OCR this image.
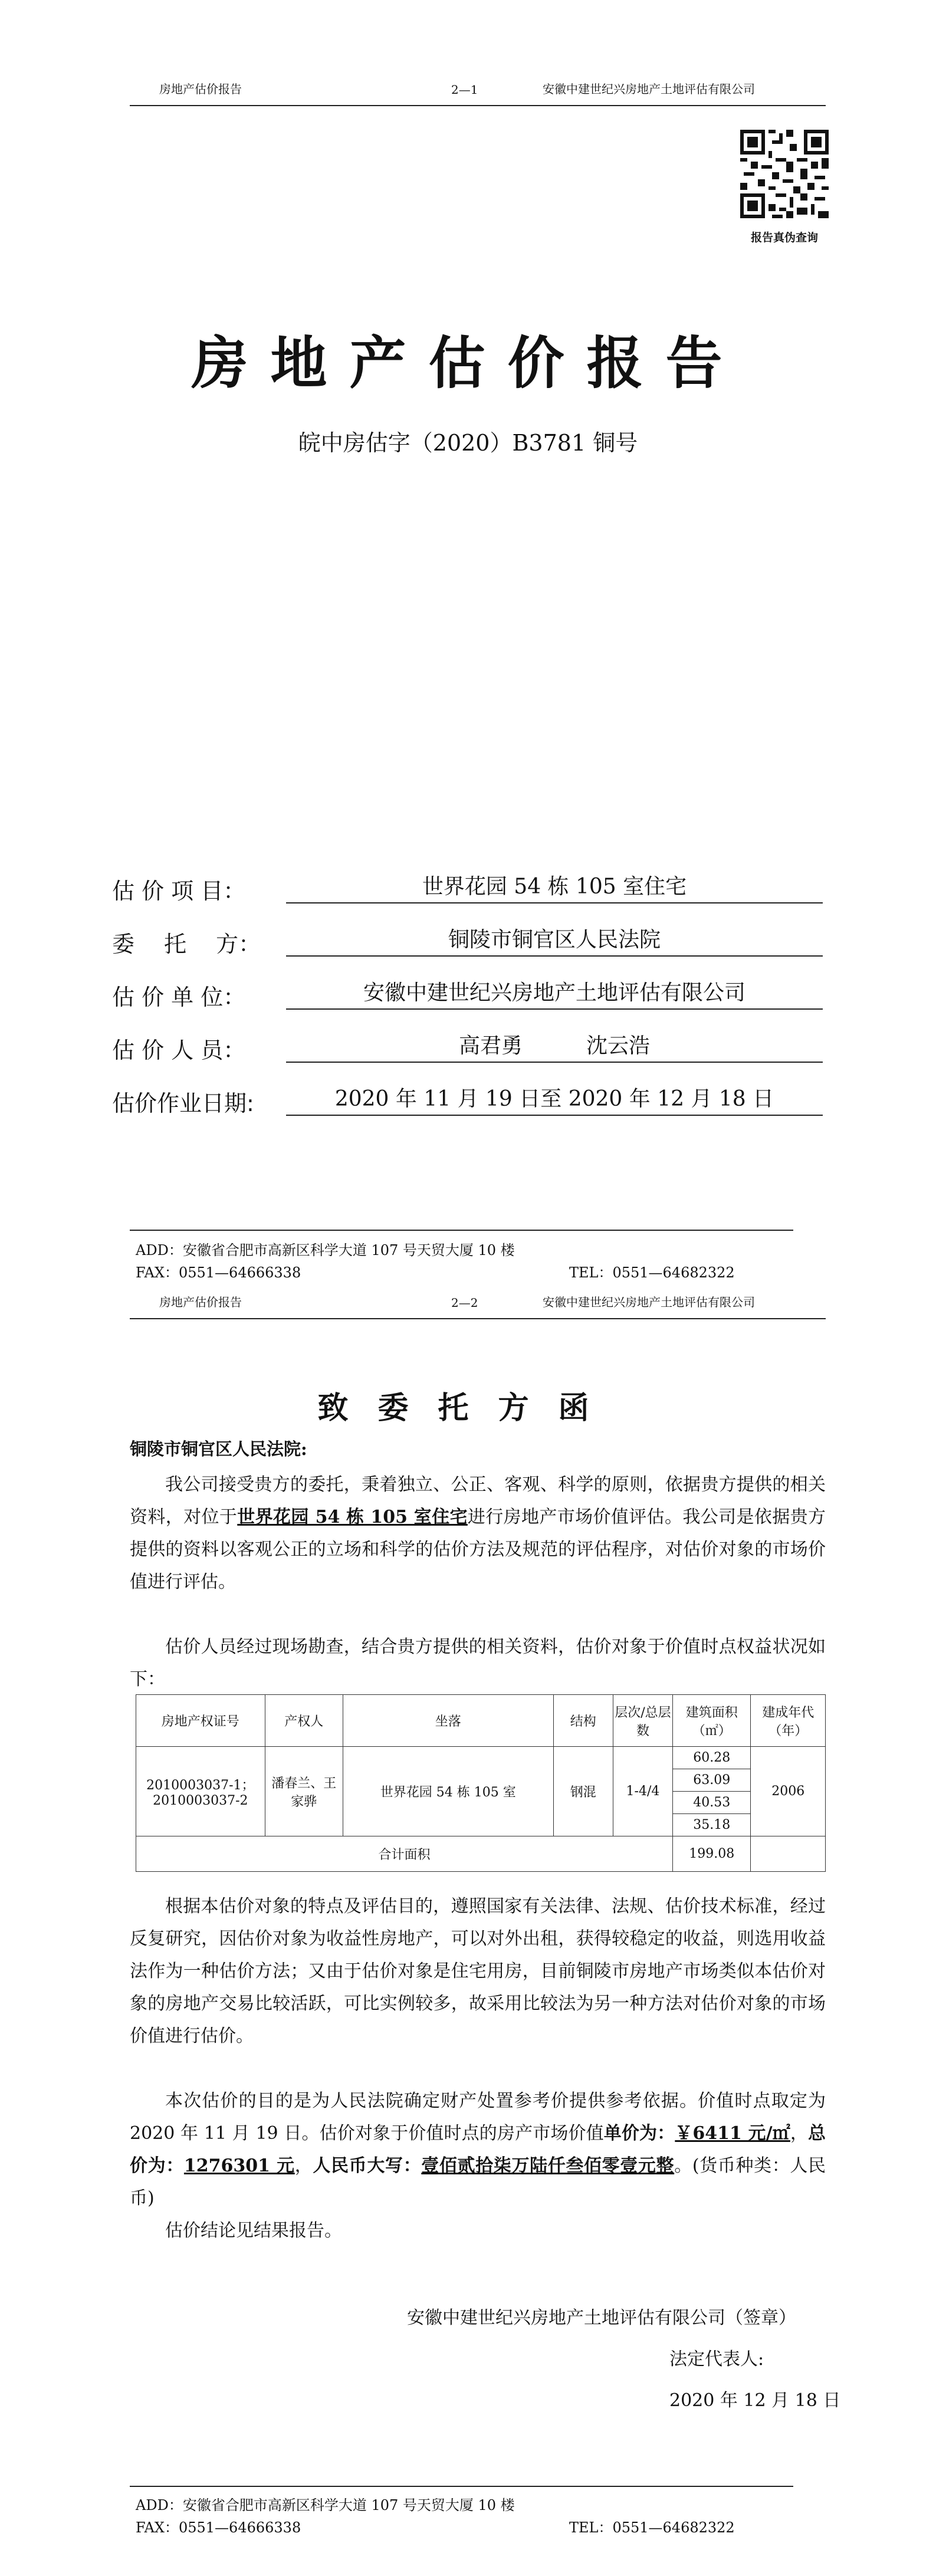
房地产估价报告	2—1	安徽中建世纪兴房地产土地评估有限公司
报告真伪查询
房地产估价报告
皖中房估字（2020）B3781 铜号
估 价 项 目：	世界花园 54 栋 105 室住宅
委　 托　 方：	铜陵市铜官区人民法院
估 价 单 位：	安徽中建世纪兴房地产土地评估有限公司
估 价 人 员：	高君勇　　　沈云浩
估价作业日期:	2020 年 11 月 19 日至 2020 年 12 月 18 日
ADD：安徽省合肥市高新区科学大道 107 号天贸大厦 10 楼
FAX：0551—64666338	TEL：0551—64682322
房地产估价报告	2—2	安徽中建世纪兴房地产土地评估有限公司
致委托方函
铜陵市铜官区人民法院:

我公司接受贵方的委托，秉着独立、公正、客观、科学的原则，依据贵方提供的相关资料，对位于世界花园 54 栋 105 室住宅进行房地产市场价值评估。我公司是依据贵方提供的资料以客观公正的立场和科学的估价方法及规范的评估程序，对估价对象的市场价值进行评估。

估价人员经过现场勘查，结合贵方提供的相关资料，估价对象于价值时点权益状况如下：

房地产权证号	产权人	坐落	结构	层次/总层数	建筑面积（㎡）	建成年代（年）
2010003037-1；2010003037-2	潘春兰、王家骅	世界花园 54 栋 105 室	钢混	1-4/4	60.28	2006
					63.09	
					40.53	
					35.18	
合计面积					199.08	

根据本估价对象的特点及评估目的，遵照国家有关法律、法规、估价技术标准，经过反复研究，因估价对象为收益性房地产，可以对外出租，获得较稳定的收益，则选用收益法作为一种估价方法；又由于估价对象是住宅用房，目前铜陵市房地产市场类似本估价对象的房地产交易比较活跃，可比实例较多，故采用比较法为另一种方法对估价对象的市场价值进行估价。

本次估价的目的是为人民法院确定财产处置参考价提供参考依据。价值时点取定为 2020 年 11 月 19 日。估价对象于价值时点的房产市场价值单价为：￥6411 元/㎡，总价为：1276301 元，人民币大写：壹佰贰拾柒万陆仟叁佰零壹元整。(货币种类：人民币)

估价结论见结果报告。

安徽中建世纪兴房地产土地评估有限公司（签章）
法定代表人:
2020 年 12 月 18 日
ADD：安徽省合肥市高新区科学大道 107 号天贸大厦 10 楼
FAX：0551—64666338	TEL：0551—64682322
